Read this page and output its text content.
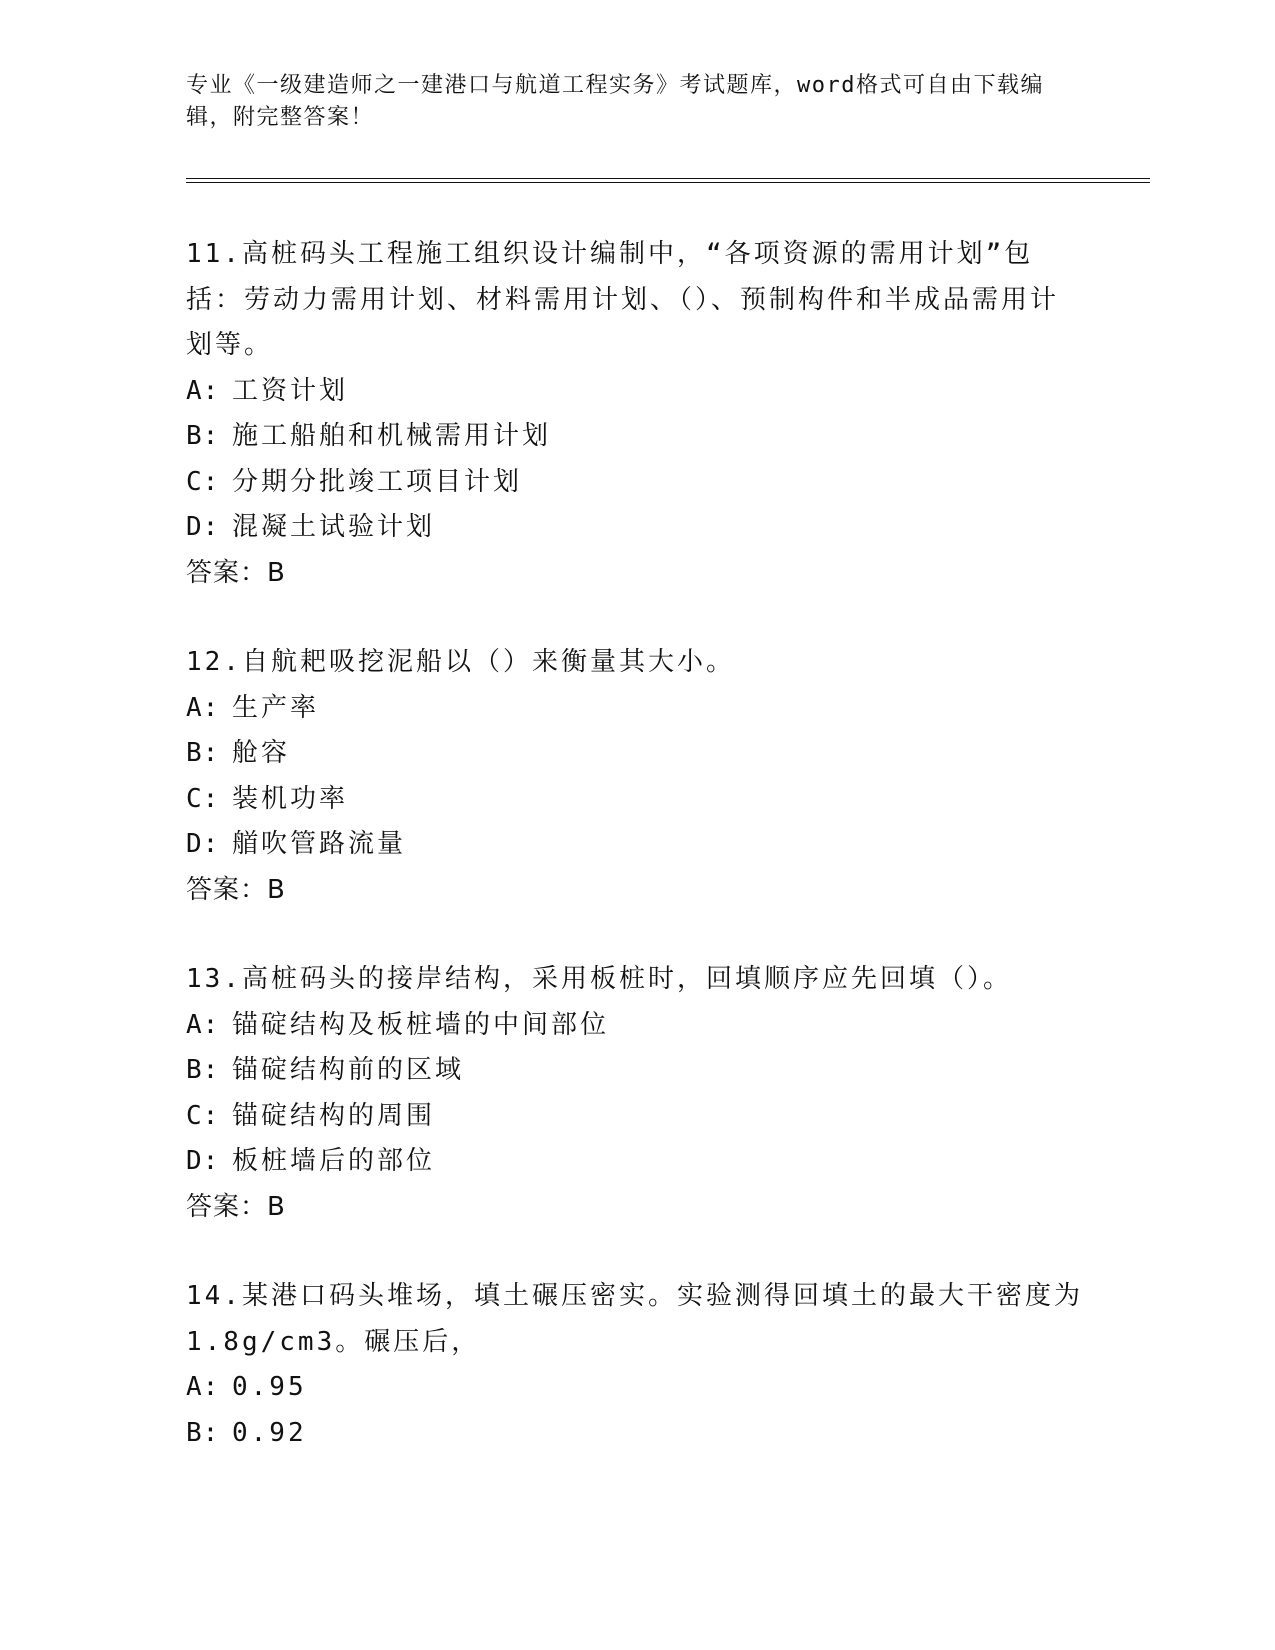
专业《一级建造师之一建港口与航道工程实务》考试题库，word格式可自由下载编辑，附完整答案！

11.高桩码头工程施工组织设计编制中，“各项资源的需用计划”包括：劳动力需用计划、材料需用计划、（）、预制构件和半成品需用计划等。

A: 工资计划

B: 施工船舶和机械需用计划

C: 分期分批竣工项目计划

D: 混凝土试验计划

答案：B

12.自航耙吸挖泥船以（）来衡量其大小。

A: 生产率

B: 舱容

C: 装机功率

D: 艏吹管路流量

答案：B

13.高桩码头的接岸结构，采用板桩时，回填顺序应先回填（）。

A: 锚碇结构及板桩墙的中间部位

B: 锚碇结构前的区域

C: 锚碇结构的周围

D: 板桩墙后的部位

答案：B

14.某港口码头堆场，填土碾压密实。实验测得回填土的最大干密度为1.8g/cm3。碾压后，

A: 0.95

B: 0.92
